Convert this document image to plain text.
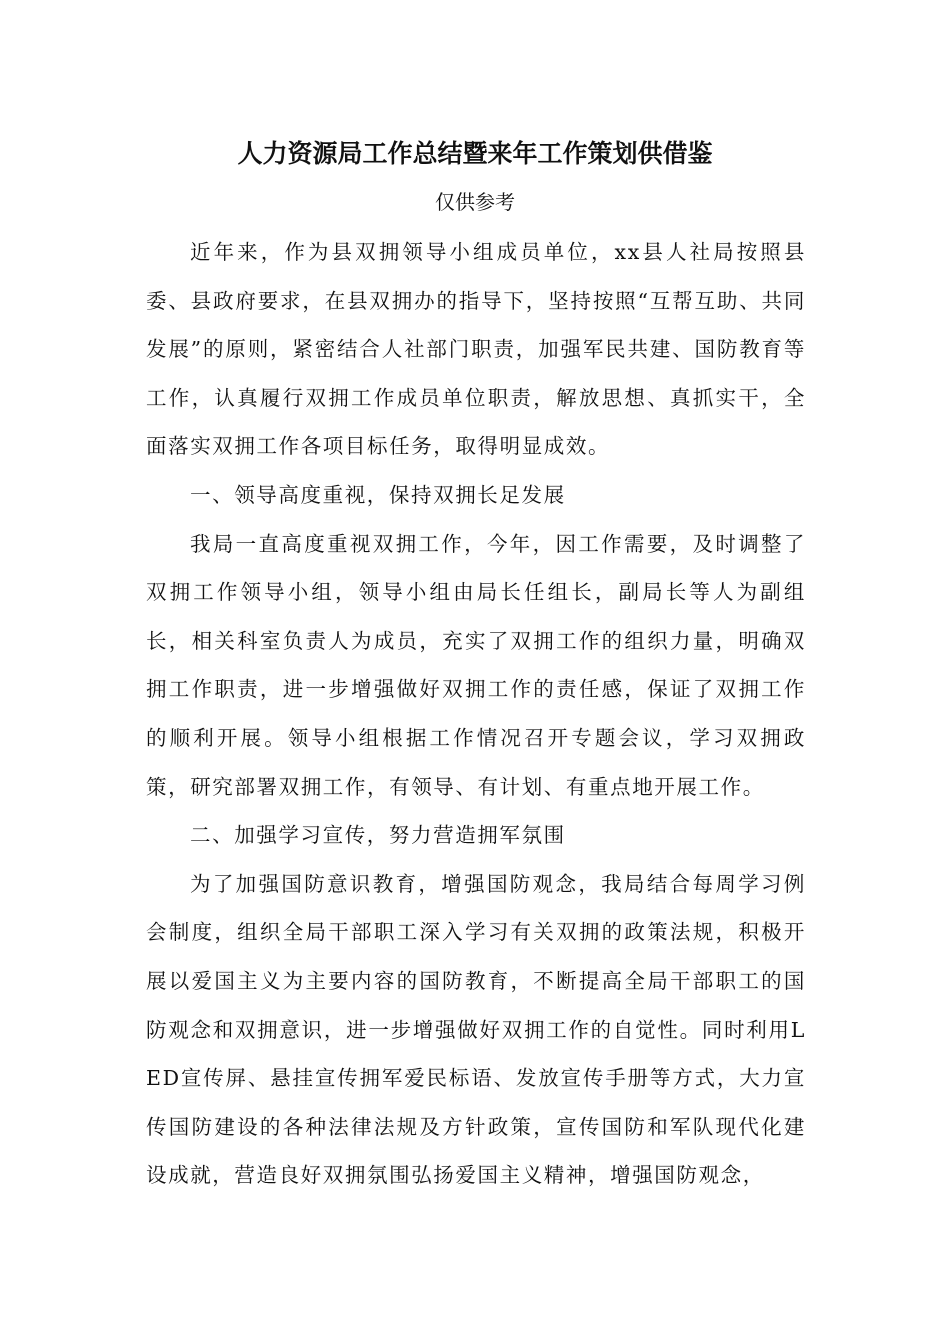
人力资源局工作总结暨来年工作策划供借鉴
仅供参考

近年来，作为县双拥领导小组成员单位，xx县人社局按照县委、县政府要求，在县双拥办的指导下，坚持按照“互帮互助、共同发展”的原则，紧密结合人社部门职责，加强军民共建、国防教育等工作，认真履行双拥工作成员单位职责，解放思想、真抓实干，全面落实双拥工作各项目标任务，取得明显成效。

一、领导高度重视，保持双拥长足发展

我局一直高度重视双拥工作，今年，因工作需要，及时调整了双拥工作领导小组，领导小组由局长任组长，副局长等人为副组长，相关科室负责人为成员，充实了双拥工作的组织力量，明确双拥工作职责，进一步增强做好双拥工作的责任感，保证了双拥工作的顺利开展。领导小组根据工作情况召开专题会议，学习双拥政策，研究部署双拥工作，有领导、有计划、有重点地开展工作。

二、加强学习宣传，努力营造拥军氛围

为了加强国防意识教育，增强国防观念，我局结合每周学习例会制度，组织全局干部职工深入学习有关双拥的政策法规，积极开展以爱国主义为主要内容的国防教育，不断提高全局干部职工的国防观念和双拥意识，进一步增强做好双拥工作的自觉性。同时利用LED宣传屏、悬挂宣传拥军爱民标语、发放宣传手册等方式，大力宣传国防建设的各种法律法规及方针政策，宣传国防和军队现代化建设成就，营造良好双拥氛围弘扬爱国主义精神，增强国防观念，
